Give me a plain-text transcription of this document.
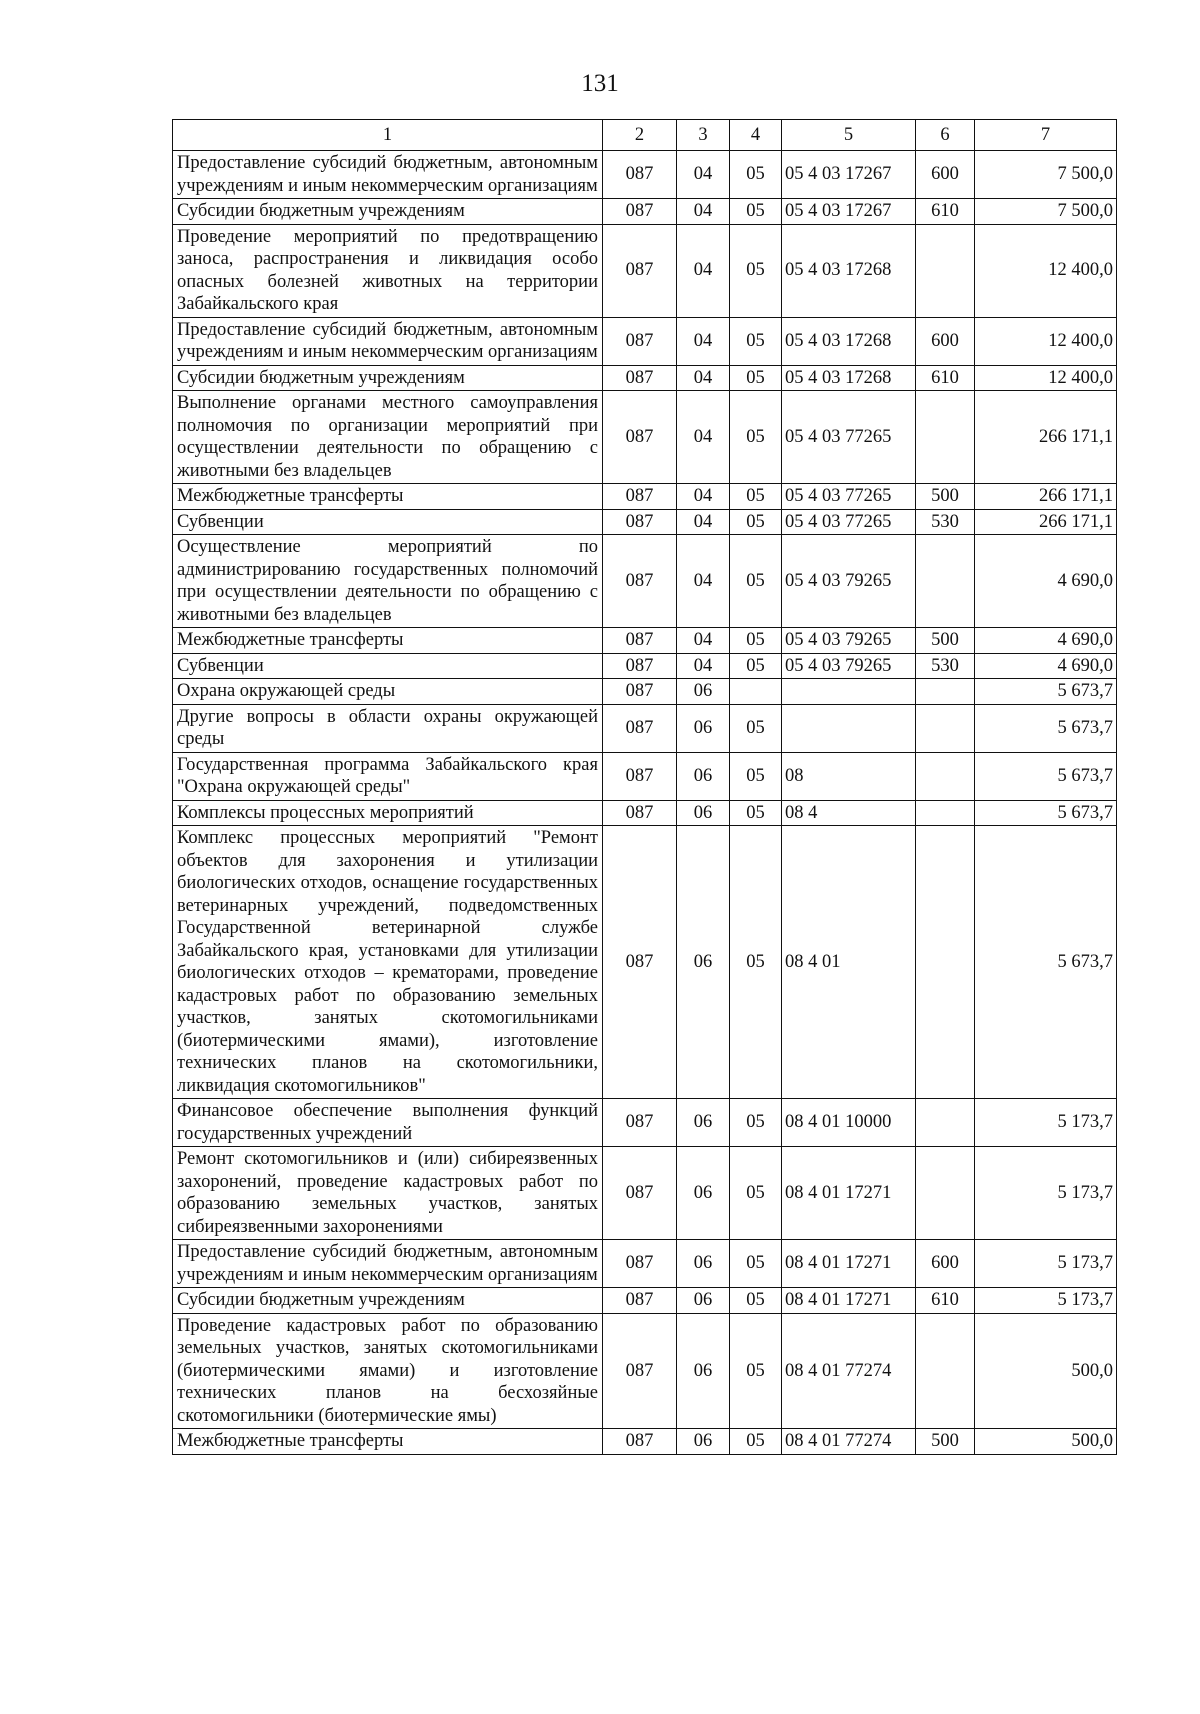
131
1	2	3	4	5	6	7
Предоставление субсидий бюджетным, автономным учреждениям и иным некоммерческим организациям	087	04	05	05 4 03 17267	600	7 500,0
Субсидии бюджетным учреждениям	087	04	05	05 4 03 17267	610	7 500,0
Проведение мероприятий по предотвращению заноса, распространения и ликвидация особо опасных болезней животных на территории Забайкальского края	087	04	05	05 4 03 17268		12 400,0
Предоставление субсидий бюджетным, автономным учреждениям и иным некоммерческим организациям	087	04	05	05 4 03 17268	600	12 400,0
Субсидии бюджетным учреждениям	087	04	05	05 4 03 17268	610	12 400,0
Выполнение органами местного самоуправления полномочия по организации мероприятий при осуществлении деятельности по обращению с животными без владельцев	087	04	05	05 4 03 77265		266 171,1
Межбюджетные трансферты	087	04	05	05 4 03 77265	500	266 171,1
Субвенции	087	04	05	05 4 03 77265	530	266 171,1
Осуществление мероприятий по администрированию государственных полномочий при осуществлении деятельности по обращению с животными без владельцев	087	04	05	05 4 03 79265		4 690,0
Межбюджетные трансферты	087	04	05	05 4 03 79265	500	4 690,0
Субвенции	087	04	05	05 4 03 79265	530	4 690,0
Охрана окружающей среды	087	06				5 673,7
Другие вопросы в области охраны окружающей среды	087	06	05			5 673,7
Государственная программа Забайкальского края "Охрана окружающей среды"	087	06	05	08		5 673,7
Комплексы процессных мероприятий	087	06	05	08 4		5 673,7
Комплекс процессных мероприятий "Ремонт объектов для захоронения и утилизации биологических отходов, оснащение государственных ветеринарных учреждений, подведомственных Государственной ветеринарной службе Забайкальского края, установками для утилизации биологических отходов – крематорами, проведение кадастровых работ по образованию земельных участков, занятых скотомогильниками (биотермическими ямами), изготовление технических планов на скотомогильники, ликвидация скотомогильников"	087	06	05	08 4 01		5 673,7
Финансовое обеспечение выполнения функций государственных учреждений	087	06	05	08 4 01 10000		5 173,7
Ремонт скотомогильников и (или) сибиреязвенных захоронений, проведение кадастровых работ по образованию земельных участков, занятых сибиреязвенными захоронениями	087	06	05	08 4 01 17271		5 173,7
Предоставление субсидий бюджетным, автономным учреждениям и иным некоммерческим организациям	087	06	05	08 4 01 17271	600	5 173,7
Субсидии бюджетным учреждениям	087	06	05	08 4 01 17271	610	5 173,7
Проведение кадастровых работ по образованию земельных участков, занятых скотомогильниками (биотермическими ямами) и изготовление технических планов на бесхозяйные скотомогильники (биотермические ямы)	087	06	05	08 4 01 77274		500,0
Межбюджетные трансферты	087	06	05	08 4 01 77274	500	500,0
